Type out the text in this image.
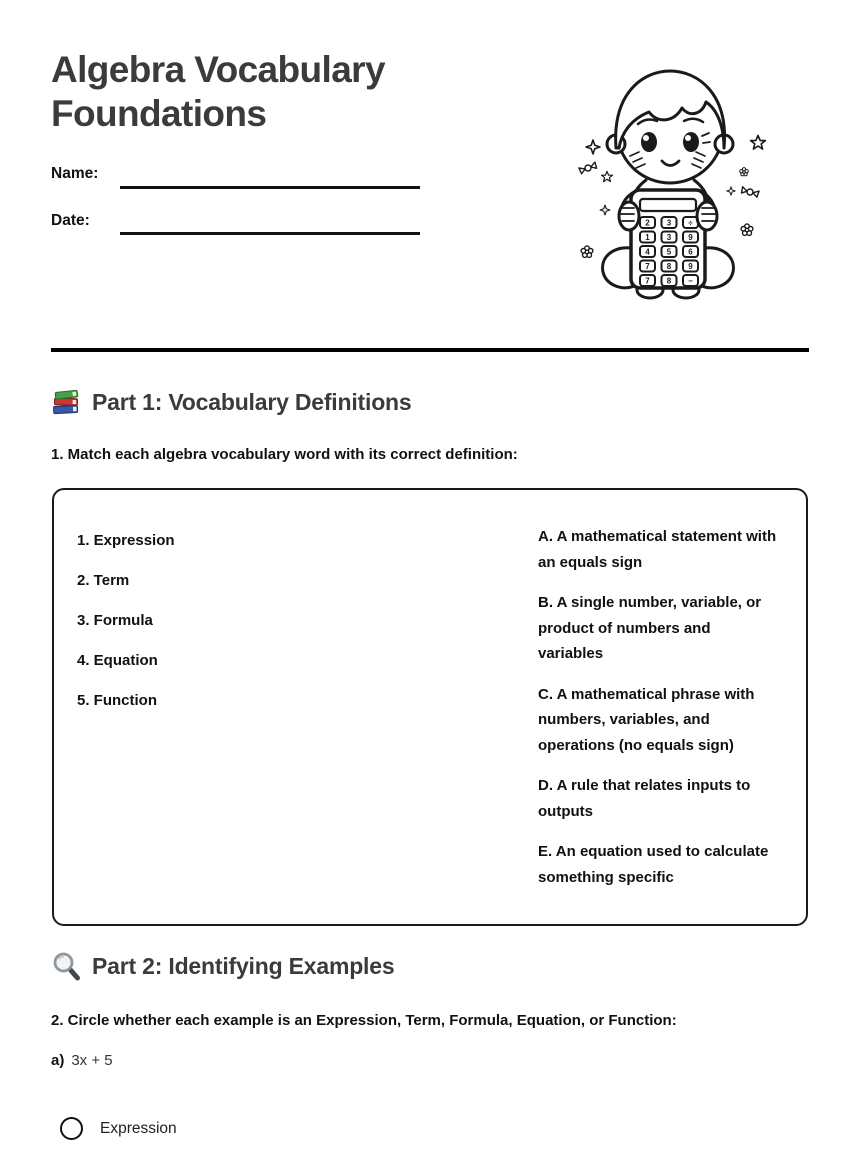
Algebra Vocabulary Foundations
2 3 ÷
1 3 9
4 5 6
7 8 9
7 8 −
Name:
Date:
Part 1: Vocabulary Definitions

1. Match each algebra vocabulary word with its correct definition:

1. Expression
2. Term
3. Formula
4. Equation
5. Function
A. A mathematical statement with an equals sign
B. A single number, variable, or product of numbers and variables
C. A mathematical phrase with numbers, variables, and operations (no equals sign)
D. A rule that relates inputs to outputs
E. An equation used to calculate something specific
Part 2: Identifying Examples

2. Circle whether each example is an Expression, Term, Formula, Equation, or Function:

a) 3x + 5

Expression
